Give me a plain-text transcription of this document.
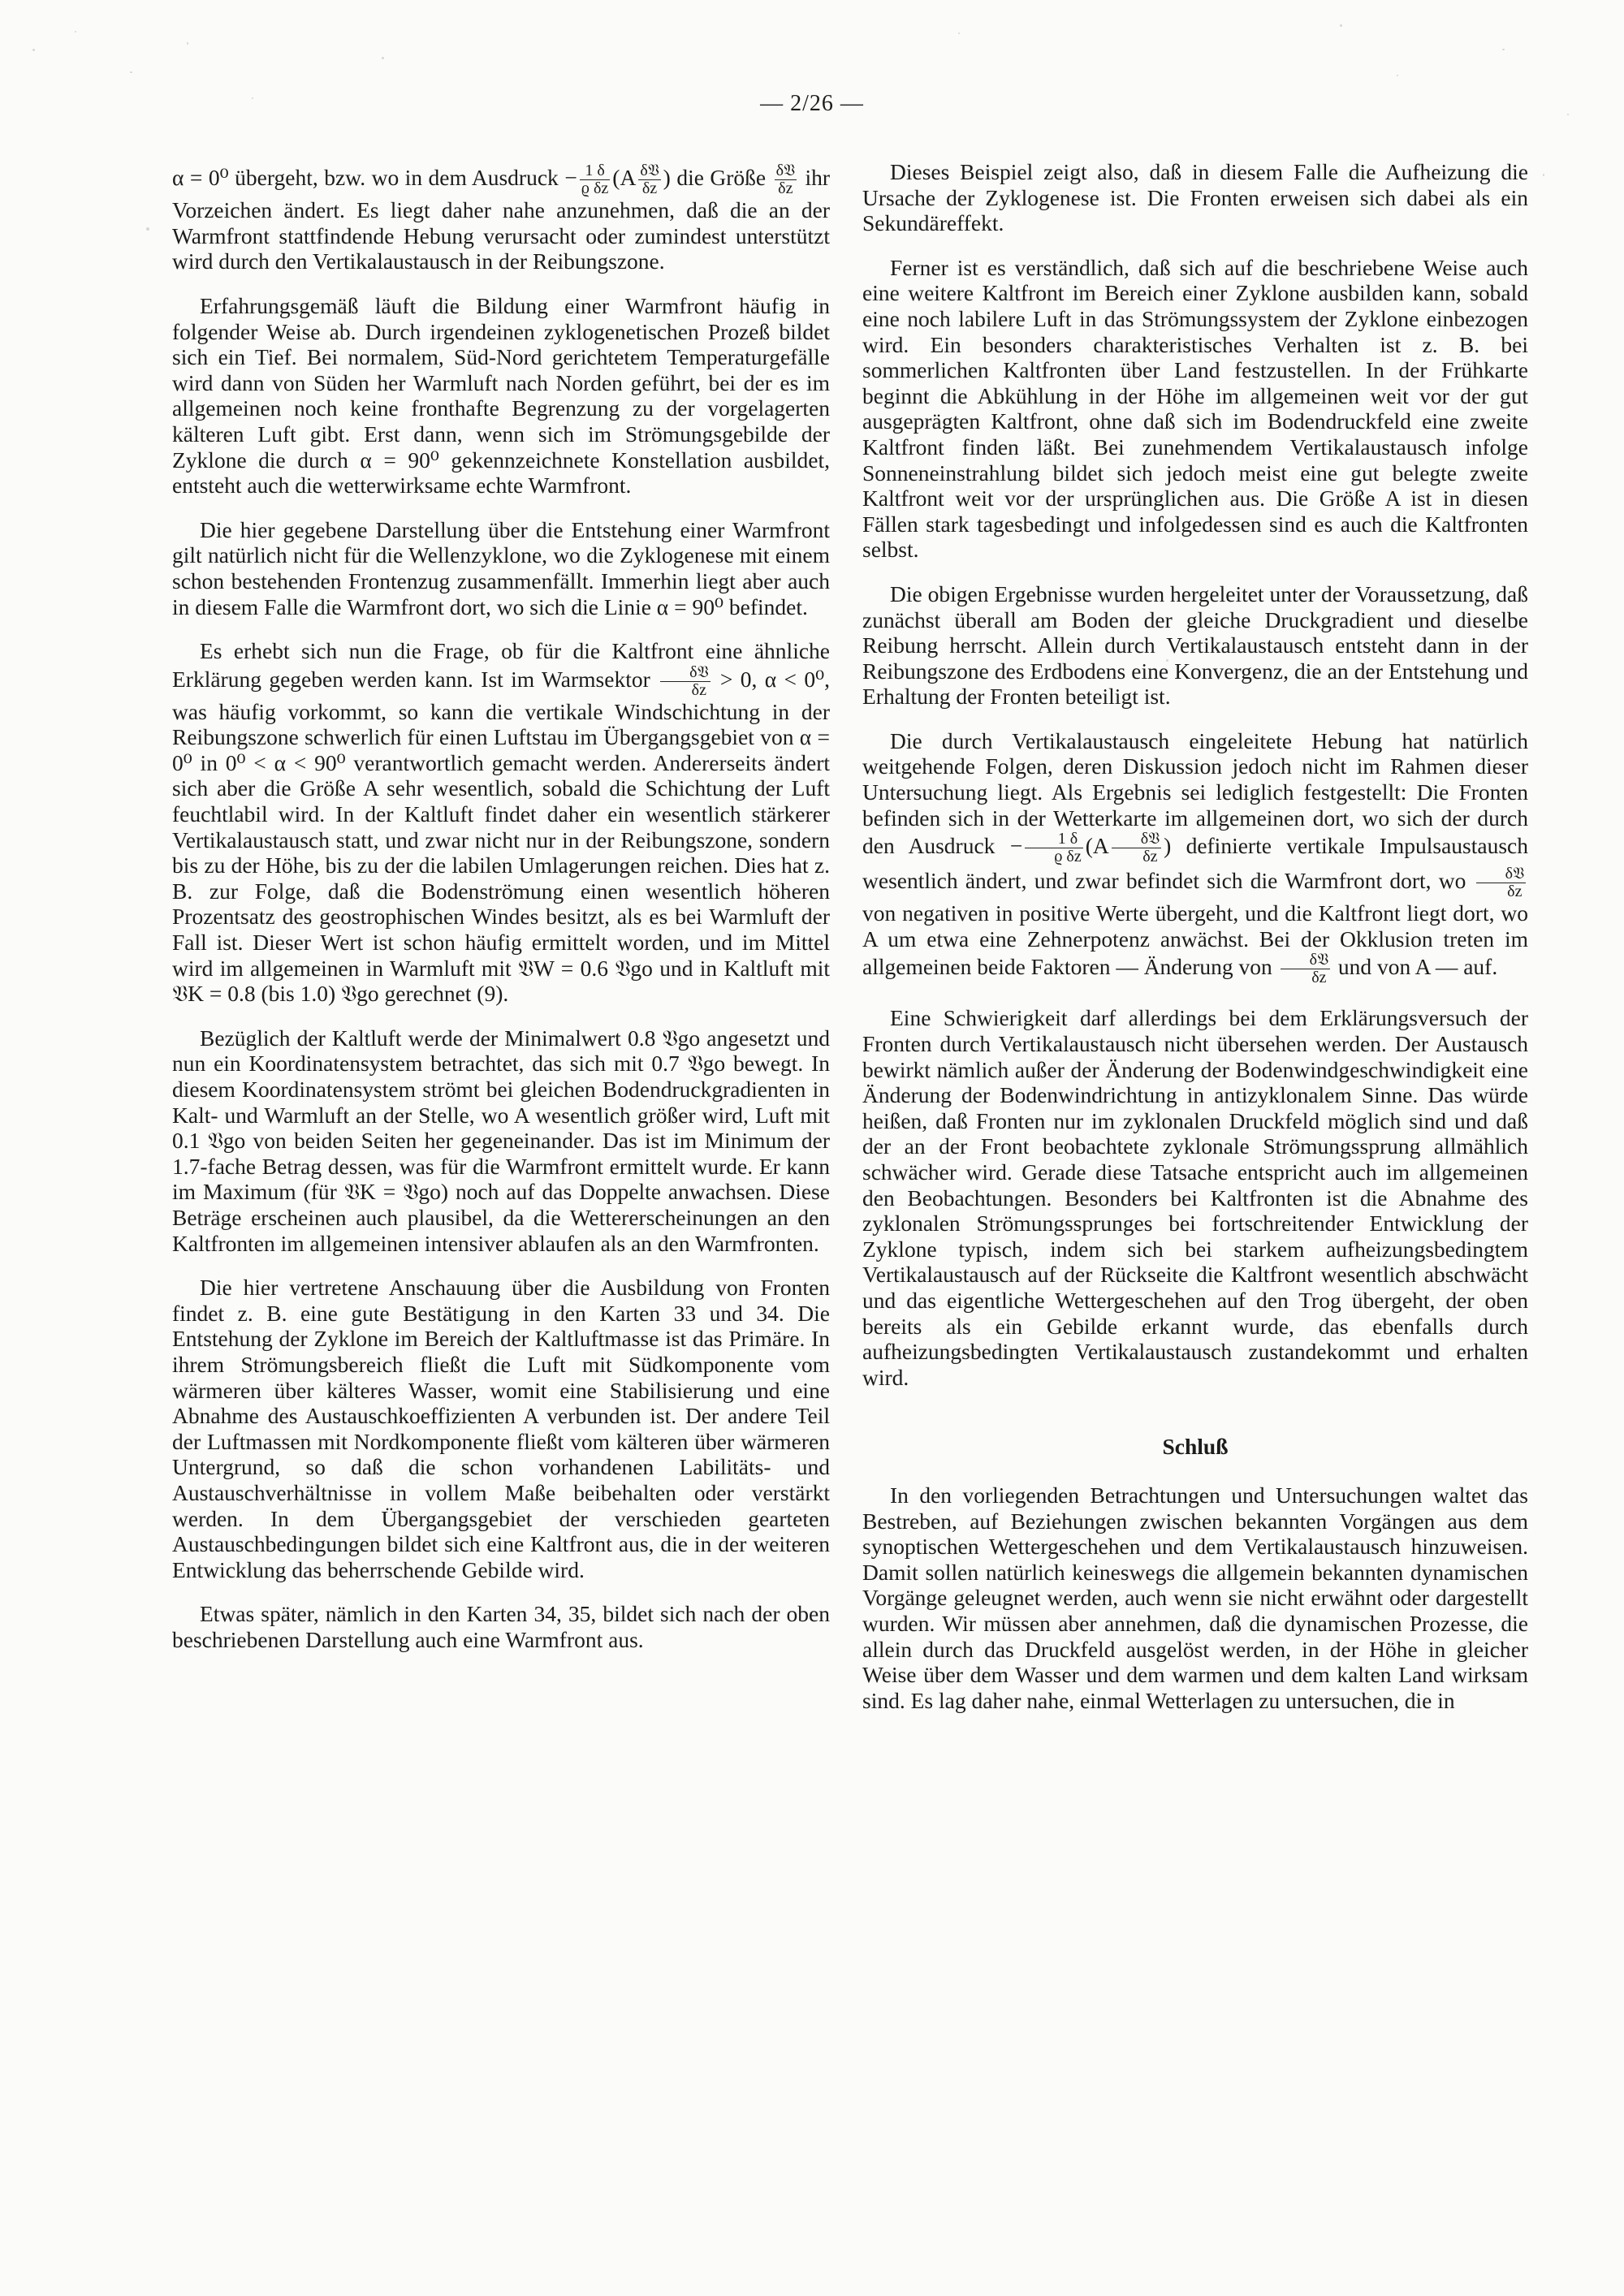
— 2/26 —

α = 0⁰ übergeht, bzw. wo in dem Ausdruck − $\frac{1 \delta}{\text{ϱ δz}} (A \frac{\text{δ𝔙}}{\delta z}$ ) die Größe $\frac{\text{δ𝔙}}{\delta z}$ ihr Vorzeichen ändert. Es liegt daher nahe anzunehmen, daß die an der Warmfront stattfindende Hebung verursacht oder zumindest unterstützt wird durch den Vertikalaustausch in der Reibungszone.

Erfahrungsgemäß läuft die Bildung einer Warmfront häufig in folgender Weise ab. Durch irgendeinen zyklogenetischen Prozeß bildet sich ein Tief. Bei normalem, Süd-Nord gerichtetem Temperaturgefälle wird dann von Süden her Warmluft nach Norden geführt, bei der es im allgemeinen noch keine fronthafte Begrenzung zu der vorgelagerten kälteren Luft gibt. Erst dann, wenn sich im Strömungsgebilde der Zyklone die durch α = 90⁰ gekennzeichnete Konstellation ausbildet, entsteht auch die wetterwirksame echte Warmfront.

Die hier gegebene Darstellung über die Entstehung einer Warmfront gilt natürlich nicht für die Wellenzyklone, wo die Zyklogenese mit einem schon bestehenden Frontenzug zusammenfällt. Immerhin liegt aber auch in diesem Falle die Warmfront dort, wo sich die Linie α = 90⁰ befindet.

Es erhebt sich nun die Frage, ob für die Kaltfront eine ähnliche Erklärung gegeben werden kann. Ist im Warmsektor $\frac{\text{δ𝔙}}{\delta z} > 0$, α < 0⁰, was häufig vorkommt, so kann die vertikale Windschichtung in der Reibungszone schwerlich für einen Luftstau im Übergangsgebiet von α = 0⁰ in 0⁰ < α < 90⁰ verantwortlich gemacht werden. Andererseits ändert sich aber die Größe A sehr wesentlich, sobald die Schichtung der Luft feuchtlabil wird. In der Kaltluft findet daher ein wesentlich stärkerer Vertikalaustausch statt, und zwar nicht nur in der Reibungszone, sondern bis zu der Höhe, bis zu der die labilen Umlagerungen reichen. Dies hat z. B. zur Folge, daß die Bodenströmung einen wesentlich höheren Prozentsatz des geostrophischen Windes besitzt, als es bei Warmluft der Fall ist. Dieser Wert ist schon häufig ermittelt worden, und im Mittel wird im allgemeinen in Warmluft mit 𝔙W = 0.6 𝔙go und in Kaltluft mit 𝔙K = 0.8 (bis 1.0) 𝔙go gerechnet (9).

Bezüglich der Kaltluft werde der Minimalwert 0.8 𝔙go angesetzt und nun ein Koordinatensystem betrachtet, das sich mit 0.7 𝔙go bewegt. In diesem Koordinatensystem strömt bei gleichen Bodendruckgradienten in Kalt- und Warmluft an der Stelle, wo A wesentlich größer wird, Luft mit 0.1 𝔙go von beiden Seiten her gegeneinander. Das ist im Minimum der 1.7-fache Betrag dessen, was für die Warmfront ermittelt wurde. Er kann im Maximum (für 𝔙K = 𝔙go) noch auf das Doppelte anwachsen. Diese Beträge erscheinen auch plausibel, da die Wettererscheinungen an den Kaltfronten im allgemeinen intensiver ablaufen als an den Warmfronten.

Die hier vertretene Anschauung über die Ausbildung von Fronten findet z. B. eine gute Bestätigung in den Karten 33 und 34. Die Entstehung der Zyklone im Bereich der Kaltluftmasse ist das Primäre. In ihrem Strömungsbereich fließt die Luft mit Südkomponente vom wärmeren über kälteres Wasser, womit eine Stabilisierung und eine Abnahme des Austauschkoeffizienten A verbunden ist. Der andere Teil der Luftmassen mit Nordkomponente fließt vom kälteren über wärmeren Untergrund, so daß die schon vorhandenen Labilitäts- und Austauschverhältnisse in vollem Maße beibehalten oder verstärkt werden. In dem Übergangsgebiet der verschieden gearteten Austauschbedingungen bildet sich eine Kaltfront aus, die in der weiteren Entwicklung das beherrschende Gebilde wird.

Etwas später, nämlich in den Karten 34, 35, bildet sich nach der oben beschriebenen Darstellung auch eine Warmfront aus.

Dieses Beispiel zeigt also, daß in diesem Falle die Aufheizung die Ursache der Zyklogenese ist. Die Fronten erweisen sich dabei als ein Sekundäreffekt.

Ferner ist es verständlich, daß sich auf die beschriebene Weise auch eine weitere Kaltfront im Bereich einer Zyklone ausbilden kann, sobald eine noch labilere Luft in das Strömungssystem der Zyklone einbezogen wird. Ein besonders charakteristisches Verhalten ist z. B. bei sommerlichen Kaltfronten über Land festzustellen. In der Frühkarte beginnt die Abkühlung in der Höhe im allgemeinen weit vor der gut ausgeprägten Kaltfront, ohne daß sich im Bodendruckfeld eine zweite Kaltfront finden läßt. Bei zunehmendem Vertikalaustausch infolge Sonneneinstrahlung bildet sich jedoch meist eine gut belegte zweite Kaltfront weit vor der ursprünglichen aus. Die Größe A ist in diesen Fällen stark tagesbedingt und infolgedessen sind es auch die Kaltfronten selbst.

Die obigen Ergebnisse wurden hergeleitet unter der Voraussetzung, daß zunächst überall am Boden der gleiche Druckgradient und dieselbe Reibung herrscht. Allein durch Vertikalaustausch entsteht dann in der Reibungszone des Erdbodens eine Konvergenz, die an der Entstehung und Erhaltung der Fronten beteiligt ist.

Die durch Vertikalaustausch eingeleitete Hebung hat natürlich weitgehende Folgen, deren Diskussion jedoch nicht im Rahmen dieser Untersuchung liegt. Als Ergebnis sei lediglich festgestellt: Die Fronten befinden sich in der Wetterkarte im allgemeinen dort, wo sich der durch den Ausdruck − $\frac{1 \delta}{\text{ϱ δz}} (A \frac{\text{δ𝔙}}{\delta z}$ ) definierte vertikale Impulsaustausch wesentlich ändert, und zwar befindet sich die Warmfront dort, wo $\frac{\text{δ𝔙}}{\delta z}$
von negativen in positive Werte übergeht, und die Kaltfront liegt dort, wo A um etwa eine Zehnerpotenz anwächst. Bei der Okklusion treten im allgemeinen beide Faktoren — Änderung von $\frac{\text{δ𝔙}}{\delta z}$ und von A — auf.

Eine Schwierigkeit darf allerdings bei dem Erklärungsversuch der Fronten durch Vertikalaustausch nicht übersehen werden. Der Austausch bewirkt nämlich außer der Änderung der Bodenwindgeschwindigkeit eine Änderung der Bodenwindrichtung in antizyklonalem Sinne. Das würde heißen, daß Fronten nur im zyklonalen Druckfeld möglich sind und daß der an der Front beobachtete zyklonale Strömungssprung allmählich schwächer wird. Gerade diese Tatsache entspricht auch im allgemeinen den Beobachtungen. Besonders bei Kaltfronten ist die Abnahme des zyklonalen Strömungssprunges bei fortschreitender Entwicklung der Zyklone typisch, indem sich bei starkem aufheizungsbedingtem Vertikalaustausch auf der Rückseite die Kaltfront wesentlich abschwächt und das eigentliche Wettergeschehen auf den Trog übergeht, der oben bereits als ein Gebilde erkannt wurde, das ebenfalls durch aufheizungsbedingten Vertikalaustausch zustandekommt und erhalten wird.

Schluß

In den vorliegenden Betrachtungen und Untersuchungen waltet das Bestreben, auf Beziehungen zwischen bekannten Vorgängen aus dem synoptischen Wettergeschehen und dem Vertikalaustausch hinzuweisen. Damit sollen natürlich keineswegs die allgemein bekannten dynamischen Vorgänge geleugnet werden, auch wenn sie nicht erwähnt oder dargestellt wurden. Wir müssen aber annehmen, daß die dynamischen Prozesse, die allein durch das Druckfeld ausgelöst werden, in der Höhe in gleicher Weise über dem Wasser und dem warmen und dem kalten Land wirksam sind. Es lag daher nahe, einmal Wetterlagen zu untersuchen, die in
